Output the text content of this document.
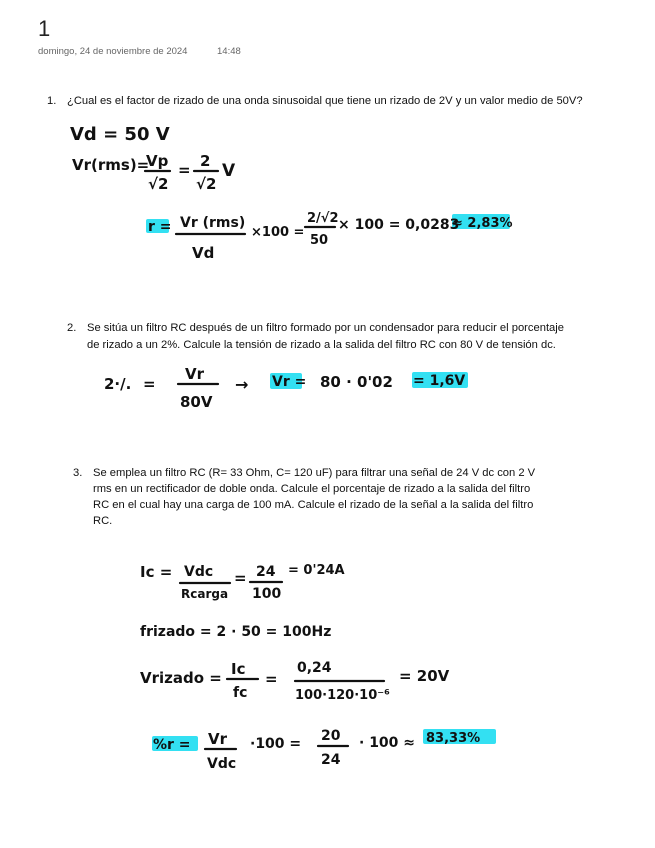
1
domingo, 24 de noviembre de 2024	14:48
1. ¿Cual es el factor de rizado de una onda sinusoidal que tiene un rizado de 2V y un valor medio de 50V?
2. Se sitúa un filtro RC después de un filtro formado por un condensador para reducir el porcentaje
de rizado a un 2%. Calcule la tensión de rizado a la salida del filtro RC con 80 V de tensión dc.
3. Se emplea un filtro RC (R= 33 Ohm, C= 120 uF) para filtrar una señal de 24 V dc con 2 V
rms en un rectificador de doble onda. Calcule el porcentaje de rizado a la salida del filtro
RC en el cual hay una carga de 100 mA. Calcule el rizado de la señal a la salida del filtro
RC.
Vd = 50 V
Vr(rms)=
Vp
√2
= 2
√2
V
r = Vr (rms)
Vd
×100 =
2/√2
50
× 100 = 0,0283
≈ 2,83%
2·/. =
Vr
80V
→ Vr = 80 · 0'02 = 1,6V
Ic = Vdc
Rcarga
= 24
100
= 0'24A
frizado = 2 · 50 = 100Hz
Vrizado = Ic
fc
=
0,24
100·120·10⁻⁶
= 20V
%r = Vr
Vdc
·100 = 20
24
· 100 ≈ 83,33%
